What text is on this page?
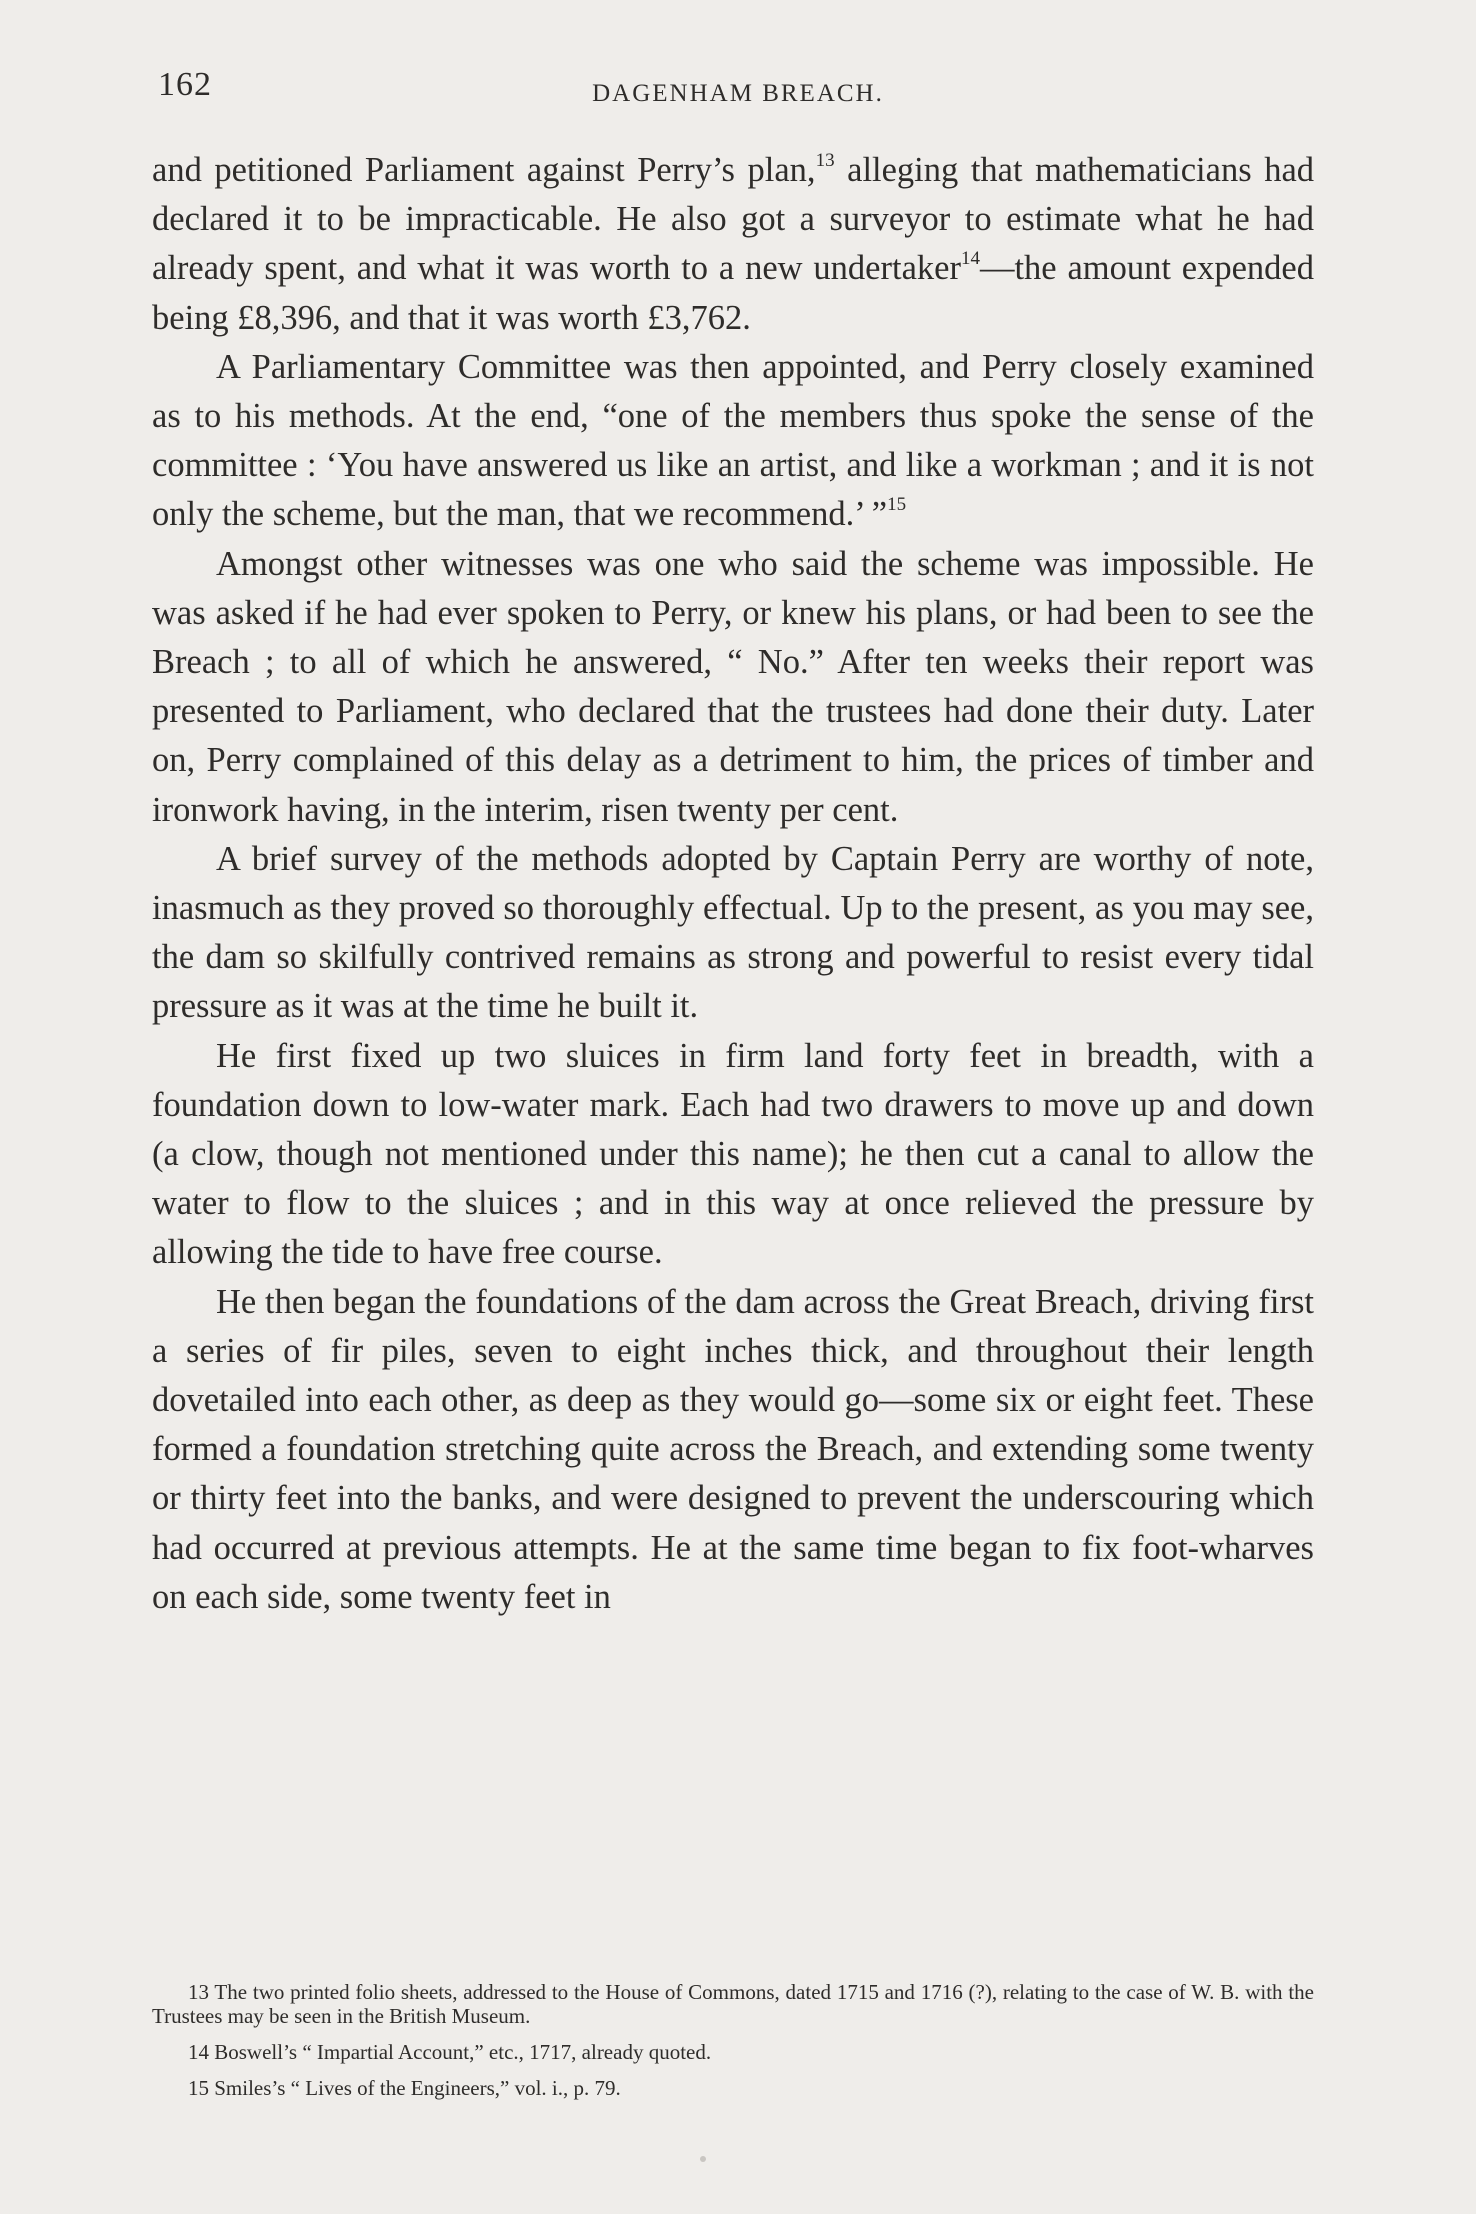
162	DAGENHAM BREACH.

and petitioned Parliament against Perry’s plan,$^{13}$ alleging that mathematicians had declared it to be impracticable. He also got a surveyor to estimate what he had already spent, and what it was worth to a new undertaker$^{14}$—the amount expended being £8,396, and that it was worth £3,762.

A Parliamentary Committee was then appointed, and Perry closely examined as to his methods. At the end, “one of the members thus spoke the sense of the committee : ‘You have answered us like an artist, and like a workman ; and it is not only the scheme, but the man, that we recommend.’ ”$^{15}$

Amongst other witnesses was one who said the scheme was impossible. He was asked if he had ever spoken to Perry, or knew his plans, or had been to see the Breach ; to all of which he answered, “ No.” After ten weeks their report was presented to Parliament, who declared that the trustees had done their duty. Later on, Perry complained of this delay as a detriment to him, the prices of timber and ironwork having, in the interim, risen twenty per cent.

A brief survey of the methods adopted by Captain Perry are worthy of note, inasmuch as they proved so thoroughly effectual. Up to the present, as you may see, the dam so skilfully contrived remains as strong and powerful to resist every tidal pressure as it was at the time he built it.

He first fixed up two sluices in firm land forty feet in breadth, with a foundation down to low-water mark. Each had two drawers to move up and down (a clow, though not mentioned under this name); he then cut a canal to allow the water to flow to the sluices ; and in this way at once relieved the pressure by allowing the tide to have free course.

He then began the foundations of the dam across the Great Breach, driving first a series of fir piles, seven to eight inches thick, and throughout their length dovetailed into each other, as deep as they would go—some six or eight feet. These formed a foundation stretching quite across the Breach, and extending some twenty or thirty feet into the banks, and were designed to prevent the underscouring which had occurred at previous attempts. He at the same time began to fix foot-wharves on each side, some twenty feet in

13 The two printed folio sheets, addressed to the House of Commons, dated 1715 and 1716 (?), relating to the case of W. B. with the Trustees may be seen in the British Museum.

14 Boswell’s “ Impartial Account,” etc., 1717, already quoted.

15 Smiles’s “ Lives of the Engineers,” vol. i., p. 79.
